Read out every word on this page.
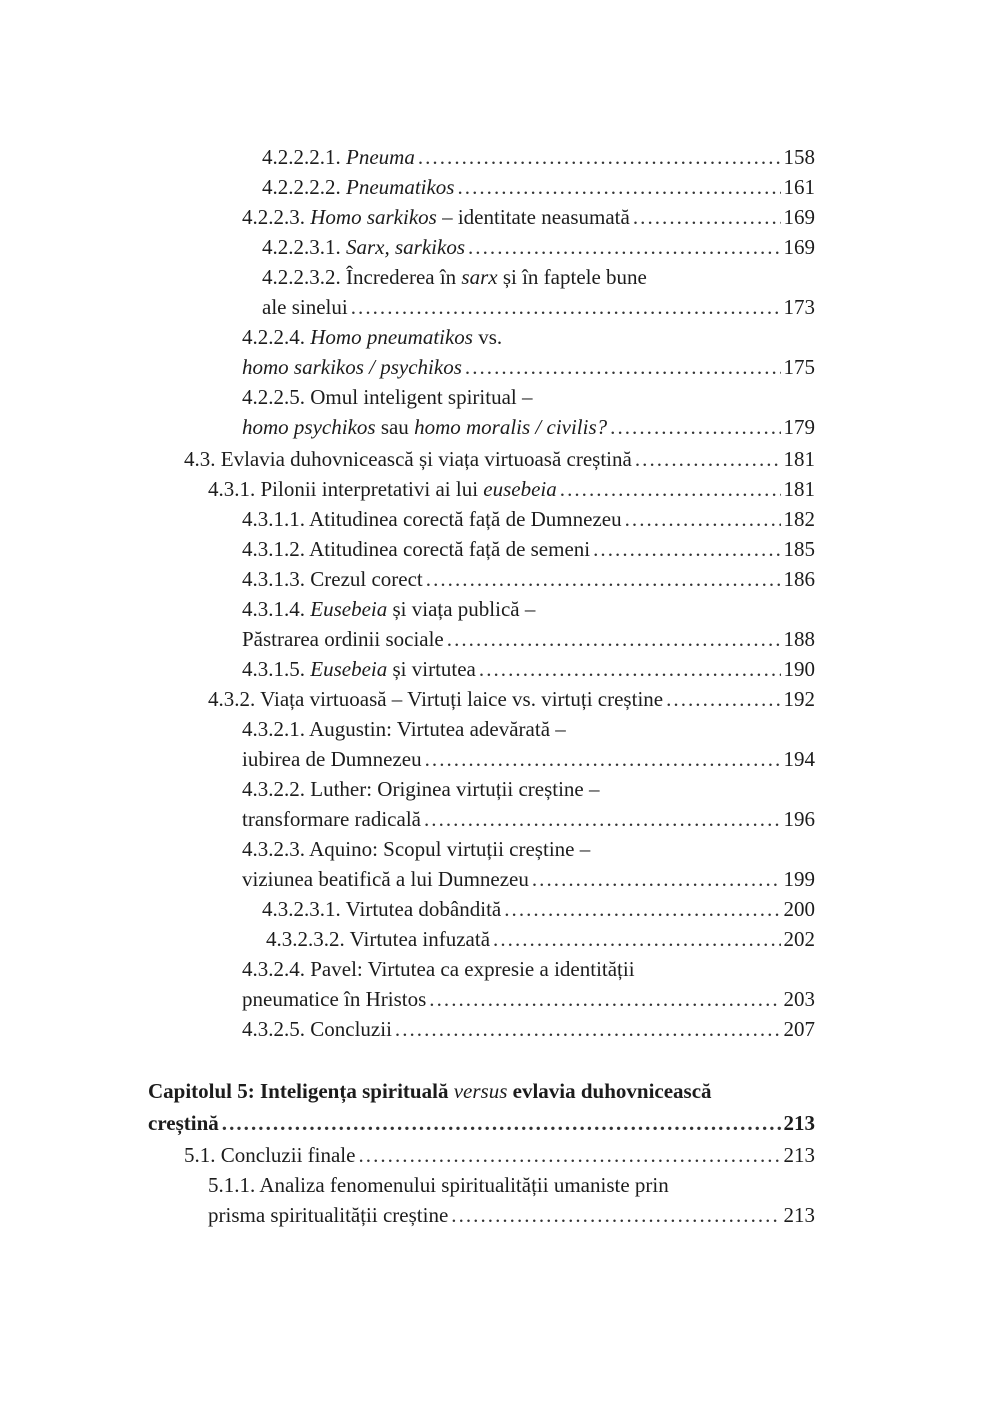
4.2.2.2.1. Pneuma . . .	158
4.2.2.2.2. Pneumatikos . . .	161
4.2.2.3. Homo sarkikos – identitate neasumată . . .	169
4.2.2.3.1. Sarx, sarkikos . . .	169
4.2.2.3.2. Încrederea în sarx și în faptele bune
ale sinelui . . .	173
4.2.2.4. Homo pneumatikos vs.
homo sarkikos / psychikos . . .	175
4.2.2.5. Omul inteligent spiritual –
homo psychikos sau homo moralis / civilis? . . .	179
4.3. Evlavia duhovnicească și viața virtuoasă creștină . . .	181
4.3.1. Pilonii interpretativi ai lui eusebeia . . .	181
4.3.1.1. Atitudinea corectă față de Dumnezeu . . .	182
4.3.1.2. Atitudinea corectă față de semeni . . .	185
4.3.1.3. Crezul corect . . .	186
4.3.1.4. Eusebeia și viața publică –
Păstrarea ordinii sociale . . .	188
4.3.1.5. Eusebeia și virtutea . . .	190
4.3.2. Viața virtuoasă – Virtuți laice vs. virtuți creștine . . .	192
4.3.2.1. Augustin: Virtutea adevărată –
iubirea de Dumnezeu . . .	194
4.3.2.2. Luther: Originea virtuții creștine –
transformare radicală . . .	196
4.3.2.3. Aquino: Scopul virtuții creștine –
viziunea beatifică a lui Dumnezeu . . .	199
4.3.2.3.1. Virtutea dobândită . . .	200
4.3.2.3.2. Virtutea infuzată . . .	202
4.3.2.4. Pavel: Virtutea ca expresie a identității
pneumatice în Hristos . . .	203
4.3.2.5. Concluzii . . .	207
Capitolul 5: Inteligența spirituală versus evlavia duhovnicească
creștină . . .	213
5.1. Concluzii finale . . .	213
5.1.1. Analiza fenomenului spiritualității umaniste prin
prisma spiritualității creștine . . .	213
